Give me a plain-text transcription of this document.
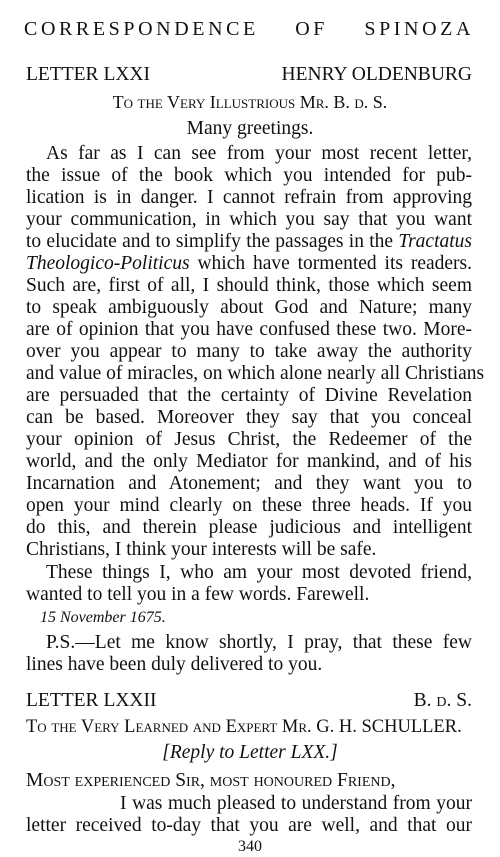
CORRESPONDENCE OF SPINOZA
LETTER LXXI	HENRY OLDENBURG
To the Very Illustrious Mr. B. d. S.
Many greetings.
As far as I can see from your most recent letter,
the issue of the book which you intended for pub-
lication is in danger. I cannot refrain from approving
your communication, in which you say that you want
to elucidate and to simplify the passages in the Tractatus
Theologico-Politicus which have tormented its readers.
Such are, first of all, I should think, those which seem
to speak ambiguously about God and Nature; many
are of opinion that you have confused these two. More-
over you appear to many to take away the authority
and value of miracles, on which alone nearly all Christians
are persuaded that the certainty of Divine Revelation
can be based. Moreover they say that you conceal
your opinion of Jesus Christ, the Redeemer of the
world, and the only Mediator for mankind, and of his
Incarnation and Atonement; and they want you to
open your mind clearly on these three heads. If you
do this, and therein please judicious and intelligent
Christians, I think your interests will be safe.
These things I, who am your most devoted friend,
wanted to tell you in a few words. Farewell.
15 November 1675.
P.S.—Let me know shortly, I pray, that these few
lines have been duly delivered to you.
LETTER LXXII	B. d. S.
To the Very Learned and Expert Mr. G. H. SCHULLER.
[Reply to Letter LXX.]
Most experienced Sir, most honoured Friend,
I was much pleased to understand from your
letter received to-day that you are well, and that our
340
